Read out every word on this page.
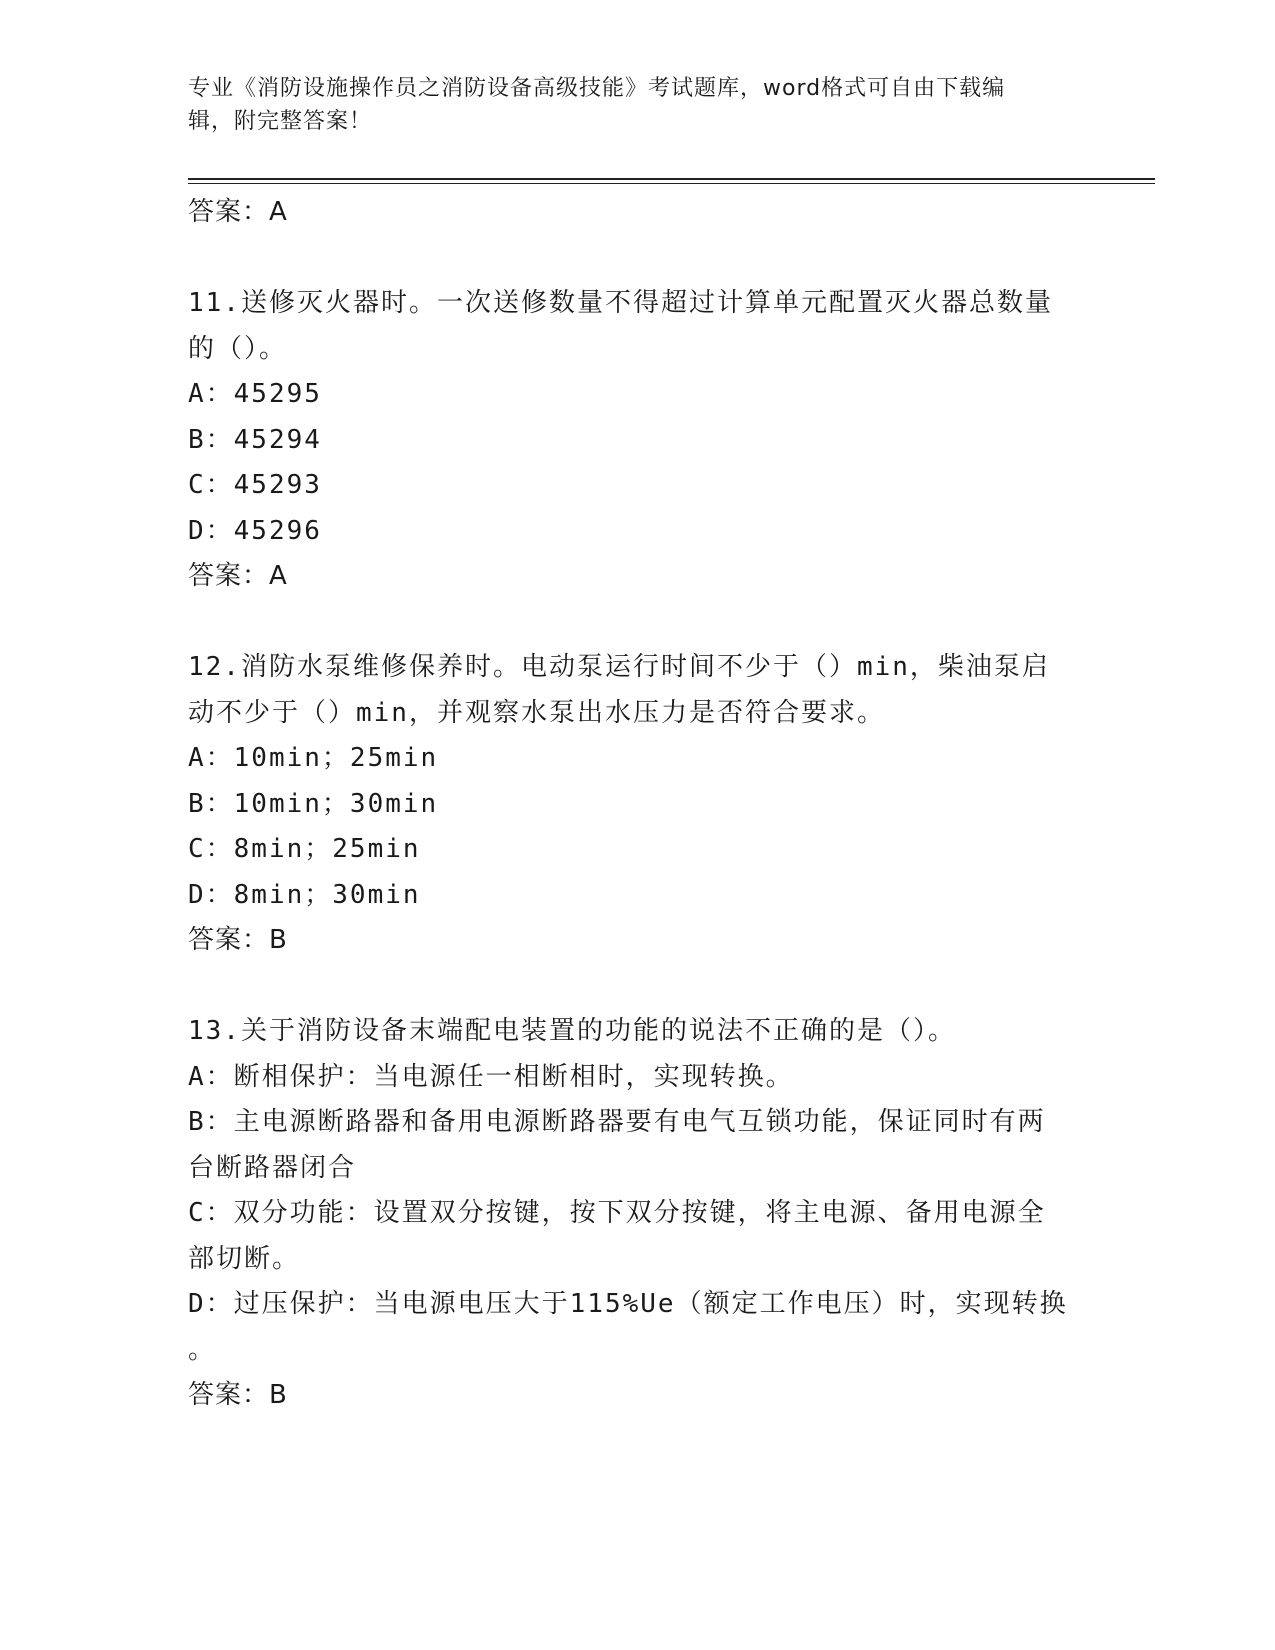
专业《消防设施操作员之消防设备高级技能》考试题库，word格式可自由下载编
辑，附完整答案！
答案：A
11.送修灭火器时。一次送修数量不得超过计算单元配置灭火器总数量
的（）。
A：45295
B：45294
C：45293
D：45296
答案：A
12.消防水泵维修保养时。电动泵运行时间不少于（）min，柴油泵启
动不少于（）min，并观察水泵出水压力是否符合要求。
A：10min；25min
B：10min；30min
C：8min；25min
D：8min；30min
答案：B
13.关于消防设备末端配电装置的功能的说法不正确的是（）。
A：断相保护：当电源任一相断相时，实现转换。
B：主电源断路器和备用电源断路器要有电气互锁功能，保证同时有两
台断路器闭合
C：双分功能：设置双分按键，按下双分按键，将主电源、备用电源全
部切断。
D：过压保护：当电源电压大于115%Ue（额定工作电压）时，实现转换
。
答案：B
